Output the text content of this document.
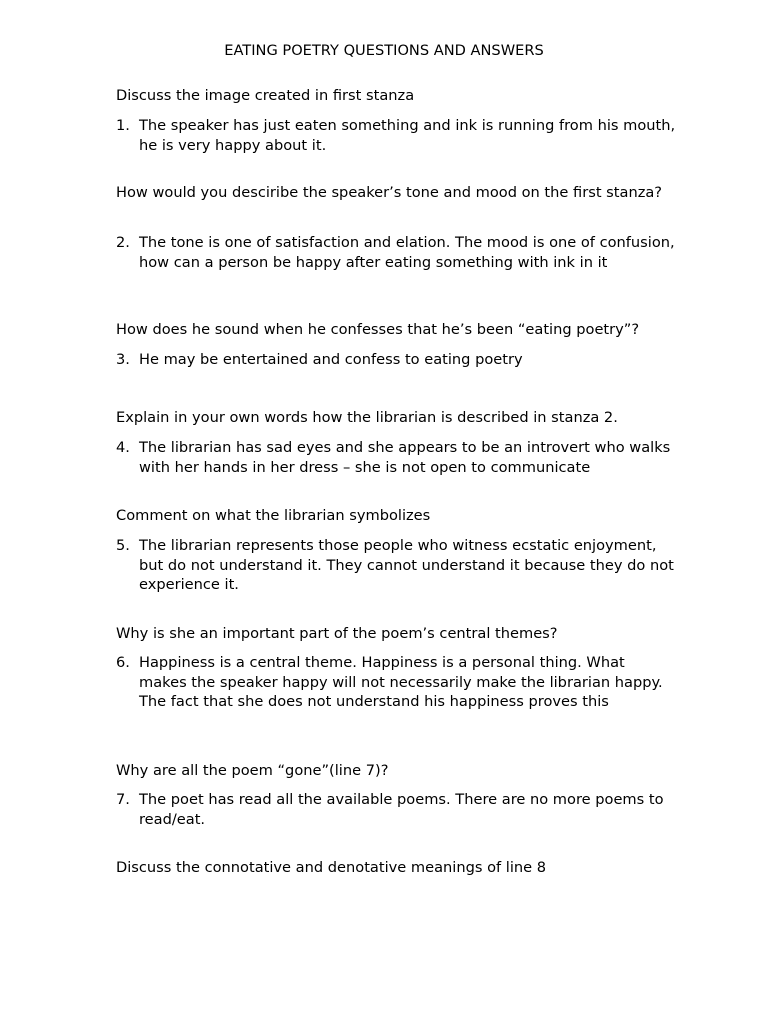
EATING POETRY QUESTIONS AND ANSWERS

Discuss the image created in first stanza

1. The speaker has just eaten something and ink is running from his mouth, he is very happy about it.

How would you desciribe the speaker’s tone and mood on the first stanza?

2. The tone is one of satisfaction and elation. The mood is one of confusion, how can a person be happy after eating something with ink in it

How does he sound when he confesses that he’s been “eating poetry”?

3. He may be entertained and confess to eating poetry

Explain in your own words how the librarian is described in stanza 2.

4. The librarian has sad eyes and she appears to be an introvert who walks with her hands in her dress – she is not open to communicate

Comment on what the librarian symbolizes

5. The librarian represents those people who witness ecstatic enjoyment, but do not understand it. They cannot understand it because they do not experience it.

Why is she an important part of the poem’s central themes?

6. Happiness is a central theme. Happiness is a personal thing. What makes the speaker happy will not necessarily make the librarian happy. The fact that she does not understand his happiness proves this

Why are all the poem “gone”(line 7)?

7. The poet has read all the available poems. There are no more poems to read/eat.

Discuss the connotative and denotative meanings of line 8
